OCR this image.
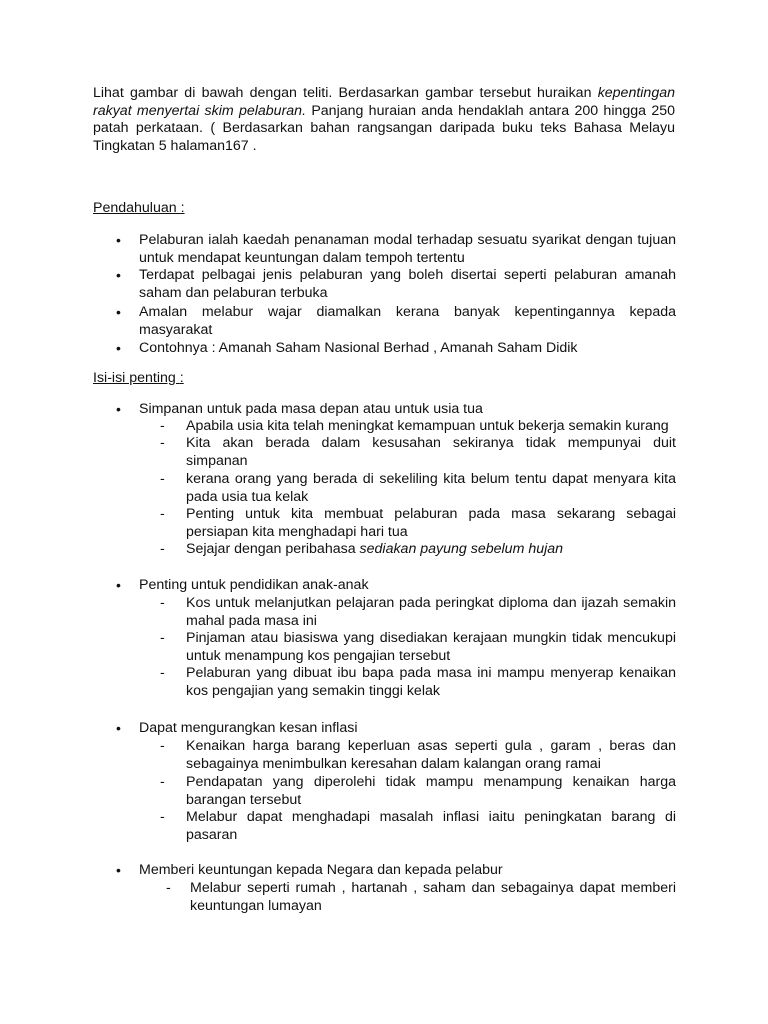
Lihat gambar di bawah dengan teliti. Berdasarkan gambar tersebut huraikan kepentingan rakyat menyertai skim pelaburan. Panjang huraian anda hendaklah antara 200 hingga 250 patah perkataan. ( Berdasarkan bahan rangsangan daripada buku teks Bahasa Melayu Tingkatan 5 halaman167 .

Pendahuluan :
•	Pelaburan ialah kaedah penanaman modal terhadap sesuatu syarikat dengan tujuan untuk mendapat keuntungan dalam tempoh tertentu
•	Terdapat pelbagai jenis pelaburan yang boleh disertai seperti pelaburan amanah saham dan pelaburan terbuka
•	Amalan melabur wajar diamalkan kerana banyak kepentingannya kepada masyarakat
•	Contohnya : Amanah Saham Nasional Berhad , Amanah Saham Didik
Isi-isi penting :
•	Simpanan untuk pada masa depan atau untuk usia tua
- Apabila usia kita telah meningkat kemampuan untuk bekerja semakin kurang
- Kita akan berada dalam kesusahan sekiranya tidak mempunyai duit simpanan
- kerana orang yang berada di sekeliling kita belum tentu dapat menyara kita pada usia tua kelak
- Penting untuk kita membuat pelaburan pada masa sekarang sebagai persiapan kita menghadapi hari tua
- Sejajar dengan peribahasa sediakan payung sebelum hujan
•	Penting untuk pendidikan anak-anak
- Kos untuk melanjutkan pelajaran pada peringkat diploma dan ijazah semakin mahal pada masa ini
- Pinjaman atau biasiswa yang disediakan kerajaan mungkin tidak mencukupi untuk menampung kos pengajian tersebut
- Pelaburan yang dibuat ibu bapa pada masa ini mampu menyerap kenaikan kos pengajian yang semakin tinggi kelak
•	Dapat mengurangkan kesan inflasi
- Kenaikan harga barang keperluan asas seperti gula , garam , beras dan sebagainya menimbulkan keresahan dalam kalangan orang ramai
- Pendapatan yang diperolehi tidak mampu menampung kenaikan harga barangan tersebut
- Melabur dapat menghadapi masalah inflasi iaitu peningkatan barang di pasaran
•	Memberi keuntungan kepada Negara dan kepada pelabur
- Melabur seperti rumah , hartanah , saham dan sebagainya dapat memberi keuntungan lumayan
